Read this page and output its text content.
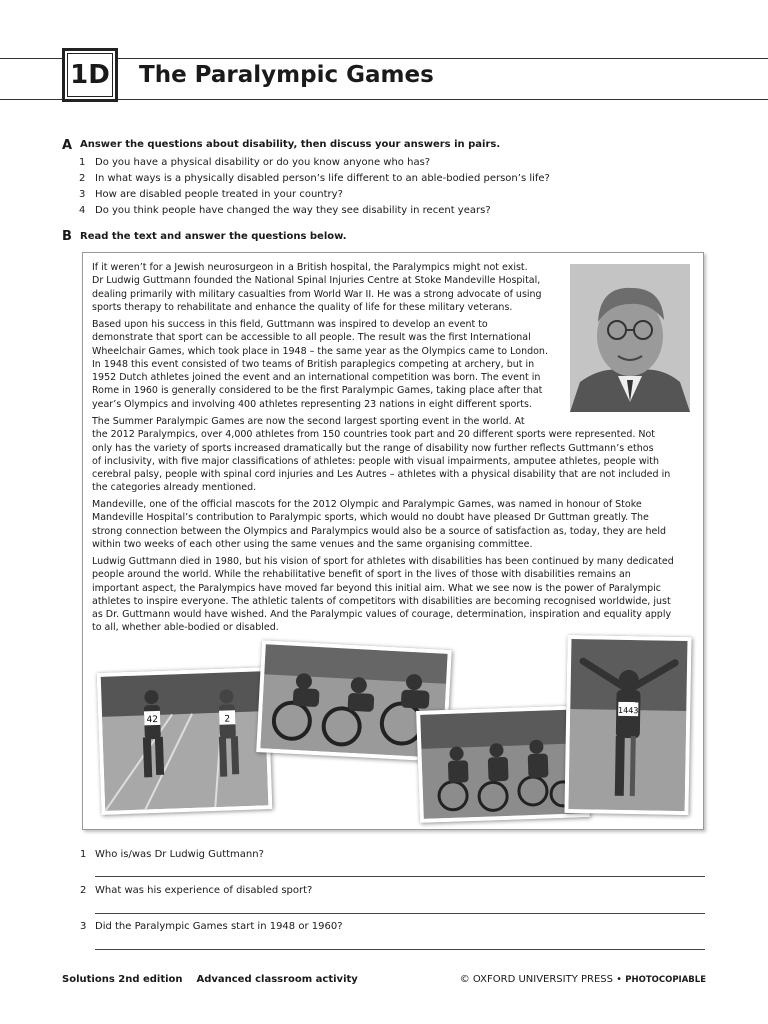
1D The Paralympic Games
A Answer the questions about disability, then discuss your answers in pairs.
1 Do you have a physical disability or do you know anyone who has?
2 In what ways is a physically disabled person’s life different to an able-bodied person’s life?
3 How are disabled people treated in your country?
4 Do you think people have changed the way they see disability in recent years?
B Read the text and answer the questions below.

If it weren’t for a Jewish neurosurgeon in a British hospital, the Paralympics might not exist.

Dr Ludwig Guttmann founded the National Spinal Injuries Centre at Stoke Mandeville Hospital,

dealing primarily with military casualties from World War II. He was a strong advocate of using

sports therapy to rehabilitate and enhance the quality of life for these military veterans.

Based upon his success in this field, Guttmann was inspired to develop an event to

demonstrate that sport can be accessible to all people. The result was the first International

Wheelchair Games, which took place in 1948 – the same year as the Olympics came to London.

In 1948 this event consisted of two teams of British paraplegics competing at archery, but in

1952 Dutch athletes joined the event and an international competition was born. The event in

Rome in 1960 is generally considered to be the first Paralympic Games, taking place after that

year’s Olympics and involving 400 athletes representing 23 nations in eight different sports.

The Summer Paralympic Games are now the second largest sporting event in the world. At

the 2012 Paralympics, over 4,000 athletes from 150 countries took part and 20 different sports were represented. Not

only has the variety of sports increased dramatically but the range of disability now further reflects Guttmann’s ethos

of inclusivity, with five major classifications of athletes: people with visual impairments, amputee athletes, people with

cerebral palsy, people with spinal cord injuries and Les Autres – athletes with a physical disability that are not included in

the categories already mentioned.

Mandeville, one of the official mascots for the 2012 Olympic and Paralympic Games, was named in honour of Stoke

Mandeville Hospital’s contribution to Paralympic sports, which would no doubt have pleased Dr Guttman greatly. The

strong connection between the Olympics and Paralympics would also be a source of satisfaction as, today, they are held

within two weeks of each other using the same venues and the same organising committee.

Ludwig Guttmann died in 1980, but his vision of sport for athletes with disabilities has been continued by many dedicated

people around the world. While the rehabilitative benefit of sport in the lives of those with disabilities remains an

important aspect, the Paralympics have moved far beyond this initial aim. What we see now is the power of Paralympic

athletes to inspire everyone. The athletic talents of competitors with disabilities are becoming recognised worldwide, just

as Dr. Guttmann would have wished. And the Paralympic values of courage, determination, inspiration and equality apply

to all, whether able-bodied or disabled.

42	2
1443
1 Who is/was Dr Ludwig Guttmann?
2 What was his experience of disabled sport?
3 Did the Paralympic Games start in 1948 or 1960?
Solutions 2nd edition    Advanced classroom activity	© OXFORD UNIVERSITY PRESS • PHOTOCOPIABLE
